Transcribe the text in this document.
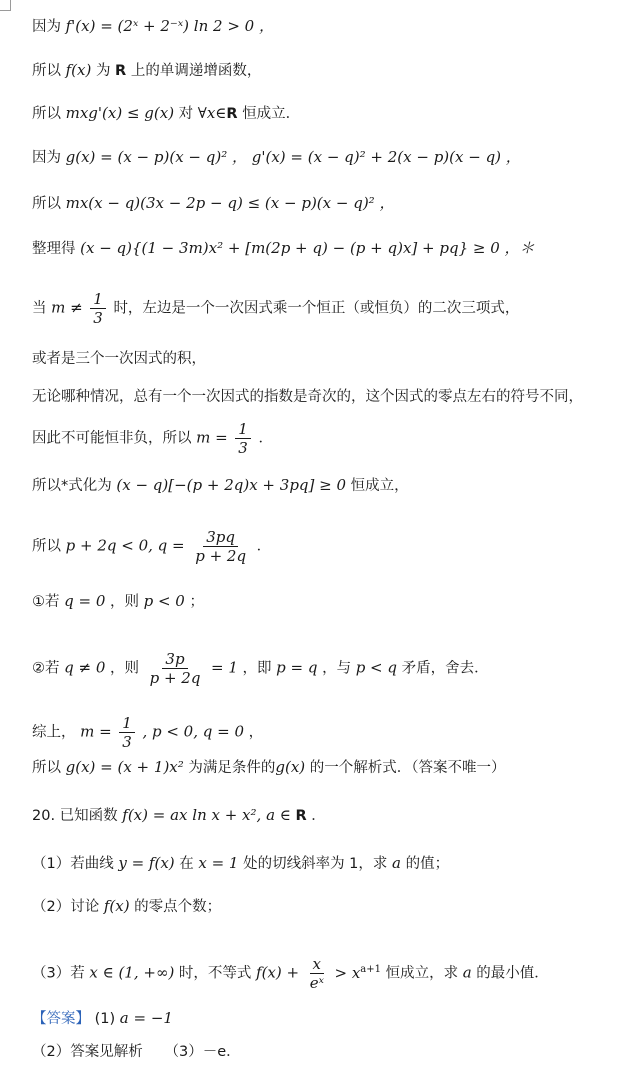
因为 f'(x) = (2ˣ + 2⁻ˣ) ln 2 > 0 ，
所以 f(x) 为 R 上的单调递增函数，
所以 mxg'(x) ≤ g(x) 对 ∀x∈R 恒成立．
因为 g(x) = (x − p)(x − q)² ， g'(x) = (x − q)² + 2(x − p)(x − q) ，
所以 mx(x − q)(3x − 2p − q) ≤ (x − p)(x − q)² ，
整理得 (x − q){(1 − 3m)x² + [m(2p + q) − (p + q)x] + pq} ≥ 0 ，＊
当 $m \ne \frac{1}{3}$ 时，左边是一个一次因式乘一个恒正（或恒负）的二次三项式，
或者是三个一次因式的积，
无论哪种情况，总有一个一次因式的指数是奇次的，这个因式的零点左右的符号不同，
因此不可能恒非负，所以 $m = \frac{1}{3}$ ．
所以*式化为 (x − q)[−(p + 2q)x + 3pq] ≥ 0 恒成立，
所以 p + 2q < 0, $q = \frac{3pq}{p + 2q}$ ．
①若 q = 0 ，则 p < 0 ；
②若 q ≠ 0 ，则 $\frac{3p}{p + 2q} = 1$ ，即 p = q ，与 p < q 矛盾，舍去．
综上， $m = \frac{1}{3}$ , p < 0, q = 0 ，
所以 g(x) = (x + 1)x² 为满足条件的g(x) 的一个解析式．（答案不唯一）
20. 已知函数 f(x) = ax ln x + x², a ∈ R ．
（1）若曲线 y = f(x) 在 x = 1 处的切线斜率为 1，求 a 的值；
（2）讨论 f(x) 的零点个数；
（3）若 x ∈ (1, +∞) 时，不等式 $f(x) + \frac{x}{\text{eˣ}} > x^{a+1}$ 恒成立，求 a 的最小值．
【答案】 (1) a = −1
（2）答案见解析　　（3）－e．
